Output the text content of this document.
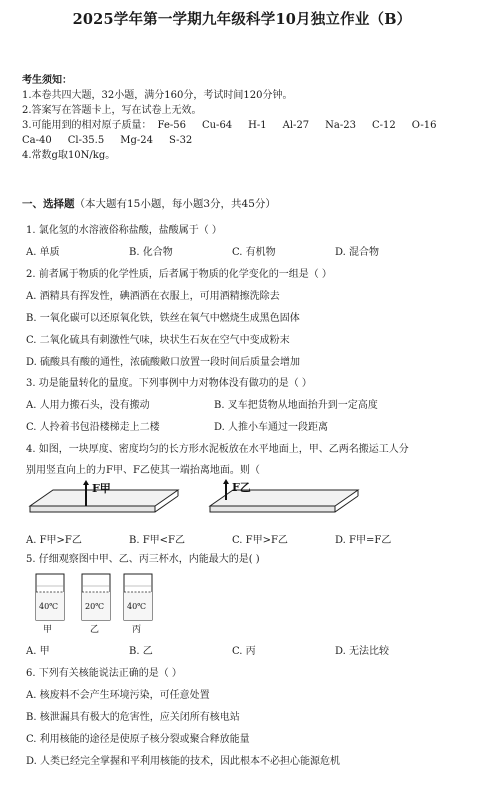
2025学年第一学期九年级科学10月独立作业（B）
考生须知：
1.本卷共四大题，32小题，满分160分，考试时间120分钟。
2.答案写在答题卡上，写在试卷上无效。
3.可能用到的相对原子质量： Fe-56 Cu-64 H-1 Al-27 Na-23 C-12 O-16
Ca-40 Cl-35.5 Mg-24 S-32
4.常数g取10N/kg。
一、选择题（本大题有15小题，每小题3分，共45分）
1. 氯化氢的水溶液俗称盐酸，盐酸属于（ ）
A. 单质	B. 化合物	C. 有机物	D. 混合物
2. 前者属于物质的化学性质，后者属于物质的化学变化的一组是（ ）
A. 酒精具有挥发性，碘酒洒在衣服上，可用酒精擦洗除去
B. 一氧化碳可以还原氧化铁，铁丝在氧气中燃烧生成黑色固体
C. 二氧化硫具有刺激性气味，块状生石灰在空气中变成粉末
D. 硫酸具有酸的通性，浓硫酸敞口放置一段时间后质量会增加
3. 功是能量转化的量度。下列事例中力对物体没有做功的是（ ）
A. 人用力搬石头，没有搬动	B. 叉车把货物从地面抬升到一定高度
C. 人拎着书包沿楼梯走上二楼	D. 人推小车通过一段距离
4. 如图，一块厚度、密度均匀的长方形水泥板放在水平地面上，甲、乙两名搬运工人分
别用竖直向上的力F甲、F乙使其一端抬离地面。则（
F甲	F乙
A. F甲>F乙	B. F甲<F乙	C. F甲>F乙	D. F甲=F乙
5. 仔细观察图中甲、乙、丙三杯水，内能最大的是( )
40℃
甲
20℃
乙
40℃
丙
A. 甲	B. 乙	C. 丙	D. 无法比较
6. 下列有关核能说法正确的是（ ）
A. 核废料不会产生环境污染，可任意处置
B. 核泄漏具有极大的危害性，应关闭所有核电站
C. 利用核能的途径是使原子核分裂或聚合释放能量
D. 人类已经完全掌握和平利用核能的技术，因此根本不必担心能源危机
